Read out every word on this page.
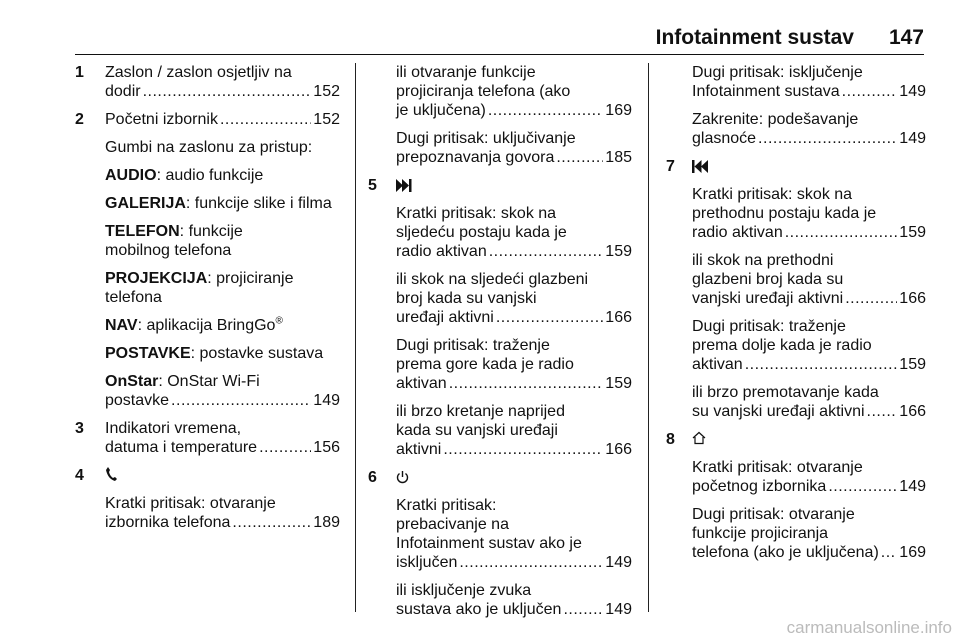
Infotainment sustav 147
1 Zaslon / zaslon osjetljiv na
dodir .....	152
2 Početni izbornik .....	152
Gumbi na zaslonu za pristup:
AUDIO: audio funkcije
GALERIJA: funkcije slike i filma
TELEFON: funkcije
mobilnog telefona
PROJEKCIJA: projiciranje
telefona
NAV: aplikacija BringGo®
POSTAVKE: postavke sustava
OnStar: OnStar Wi-Fi
postavke .....	149
3 Indikatori vremena,
datuma i temperature .....	156
4
Kratki pritisak: otvaranje
izbornika telefona .....	189
ili otvaranje funkcije
projiciranja telefona (ako
je uključena) .....	169
Dugi pritisak: uključivanje
prepoznavanja govora .....	185
5
Kratki pritisak: skok na
sljedeću postaju kada je
radio aktivan .....	159
ili skok na sljedeći glazbeni
broj kada su vanjski
uređaji aktivni .....	166
Dugi pritisak: traženje
prema gore kada je radio
aktivan .....	159
ili brzo kretanje naprijed
kada su vanjski uređaji
aktivni .....	166
6
Kratki pritisak:
prebacivanje na
Infotainment sustav ako je
isključen .....	149
ili isključenje zvuka
sustava ako je uključen .....	149
Dugi pritisak: isključenje
Infotainment sustava .....	149
Zakrenite: podešavanje
glasnoće .....	149
7
Kratki pritisak: skok na
prethodnu postaju kada je
radio aktivan .....	159
ili skok na prethodni
glazbeni broj kada su
vanjski uređaji aktivni .....	166
Dugi pritisak: traženje
prema dolje kada je radio
aktivan .....	159
ili brzo premotavanje kada
su vanjski uređaji aktivni ..... 166
8
Kratki pritisak: otvaranje
početnog izbornika .....	149
Dugi pritisak: otvaranje
funkcije projiciranja
telefona (ako je uključena) ..... 169
carmanualsonline.info
